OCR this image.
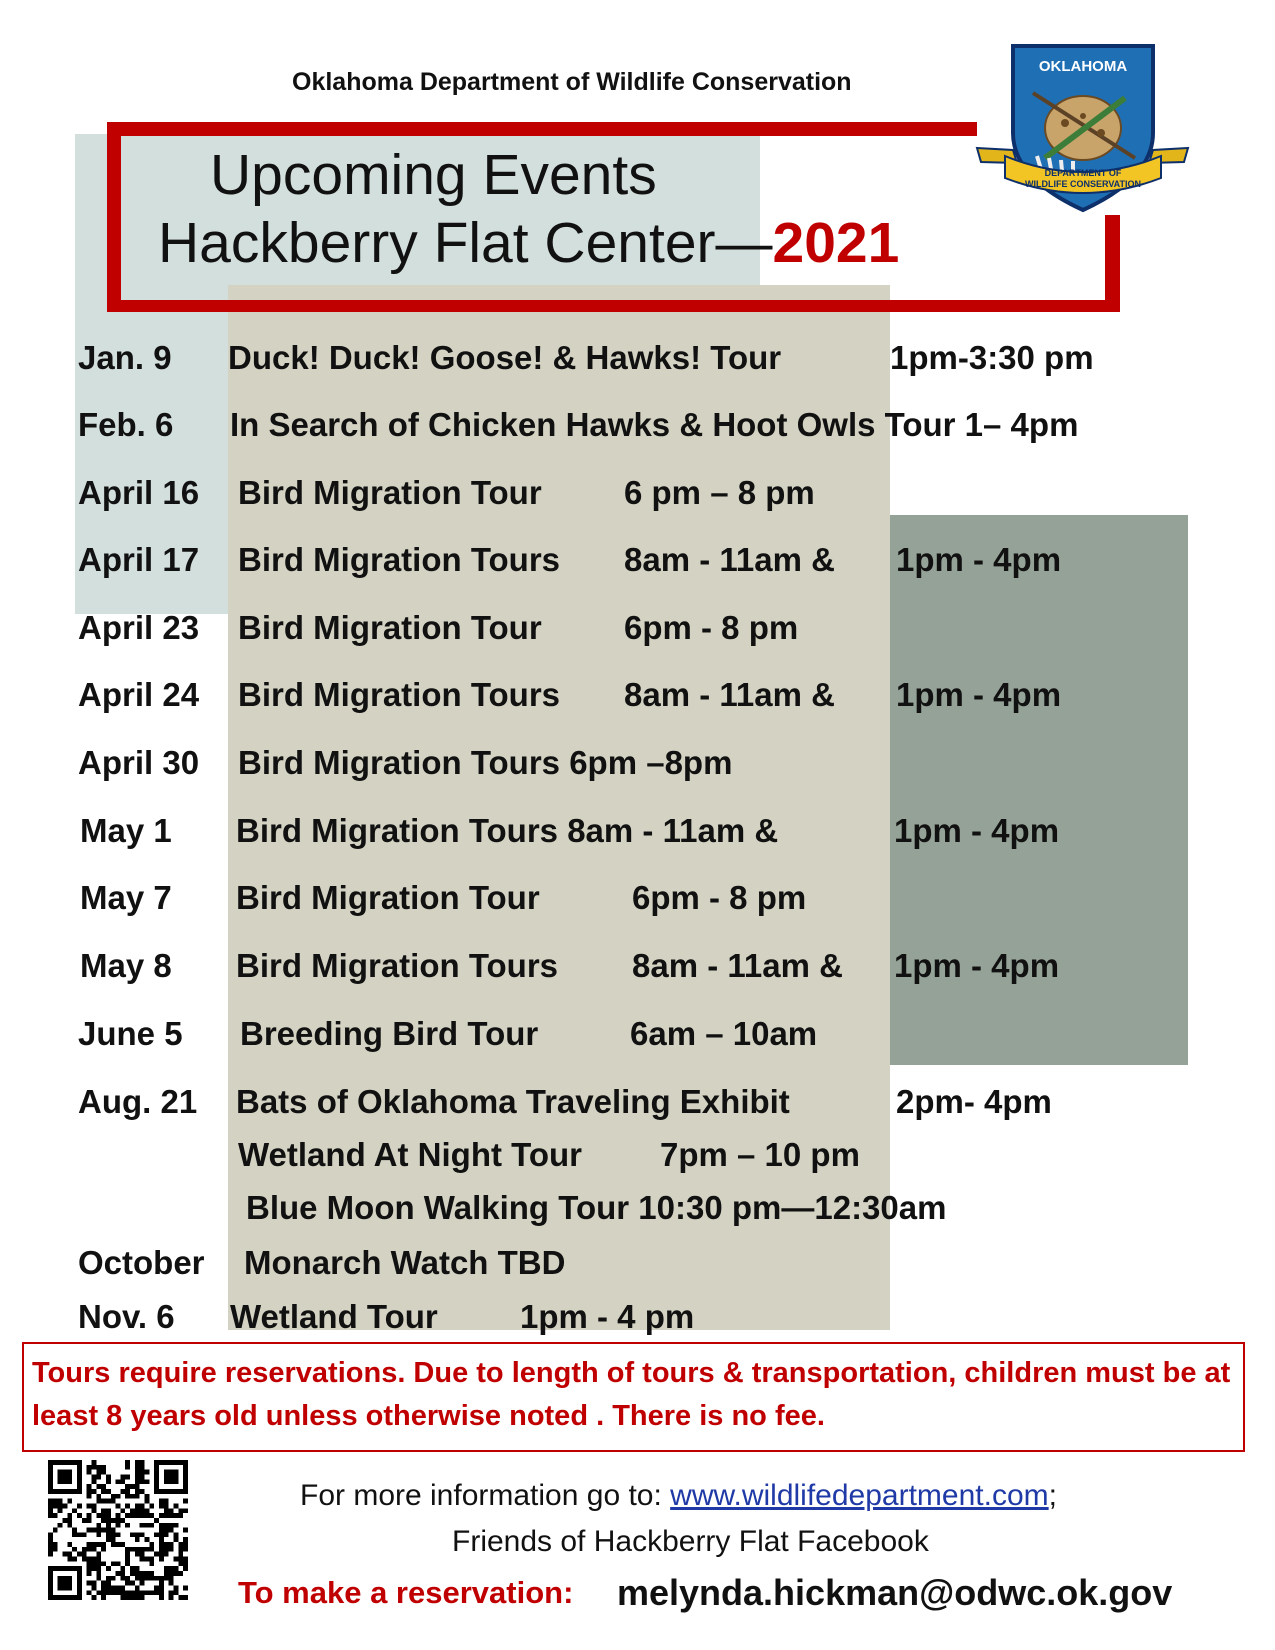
Oklahoma Department of Wildlife Conservation
Upcoming Events
Hackberry Flat Center—2021
OKLAHOMA
DEPARTMENT OF
WILDLIFE CONSERVATION
Jan. 9 Duck! Duck! Goose! & Hawks! Tour	1pm-3:30 pm
Feb. 6 In Search of Chicken Hawks & Hoot Owls Tour 1– 4pm
April 16 Bird Migration Tour 6 pm – 8 pm
April 17 Bird Migration Tours 8am - 11am & 1pm - 4pm
April 23 Bird Migration Tour 6pm - 8 pm
April 24 Bird Migration Tours 8am - 11am & 1pm - 4pm
April 30 Bird Migration Tours 6pm –8pm
May 1 Bird Migration Tours 8am - 11am &	1pm - 4pm
May 7 Bird Migration Tour	6pm - 8 pm
May 8 Bird Migration Tours 8am - 11am & 1pm - 4pm
June 5 Breeding Bird Tour	6am – 10am
Aug. 21 Bats of Oklahoma Traveling Exhibit	2pm- 4pm
Wetland At Night Tour 7pm – 10 pm
Blue Moon Walking Tour 10:30 pm—12:30am
October Monarch Watch TBD
Nov. 6 Wetland Tour 1pm - 4 pm
Tours require reservations. Due to length of tours & transportation, children must be at least 8 years old unless otherwise noted . There is no fee.
For more information go to: www.wildlifedepartment.com;
Friends of Hackberry Flat Facebook
To make a reservation: melynda.hickman@odwc.ok.gov
